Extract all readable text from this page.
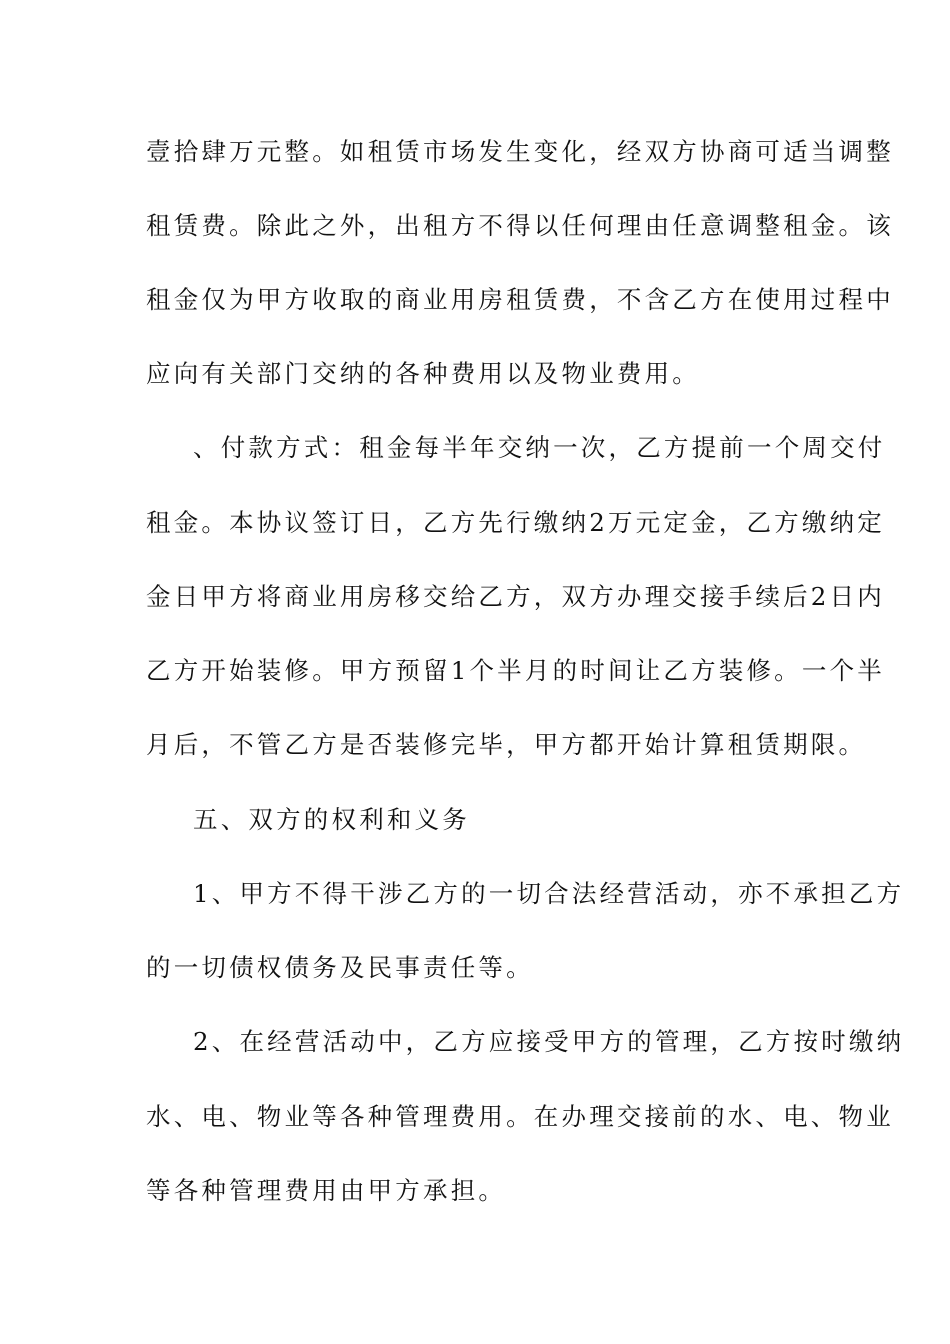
壹拾肆万元整。如租赁市场发生变化，经双方协商可适当调整
租赁费。除此之外，出租方不得以任何理由任意调整租金。该
租金仅为甲方收取的商业用房租赁费，不含乙方在使用过程中
应向有关部门交纳的各种费用以及物业费用。
、付款方式：租金每半年交纳一次，乙方提前一个周交付
租金。本协议签订日，乙方先行缴纳2万元定金，乙方缴纳定
金日甲方将商业用房移交给乙方，双方办理交接手续后2日内
乙方开始装修。甲方预留1个半月的时间让乙方装修。一个半
月后，不管乙方是否装修完毕，甲方都开始计算租赁期限。
五、双方的权利和义务
1、甲方不得干涉乙方的一切合法经营活动，亦不承担乙方
的一切债权债务及民事责任等。
2、在经营活动中，乙方应接受甲方的管理，乙方按时缴纳
水、电、物业等各种管理费用。在办理交接前的水、电、物业
等各种管理费用由甲方承担。
